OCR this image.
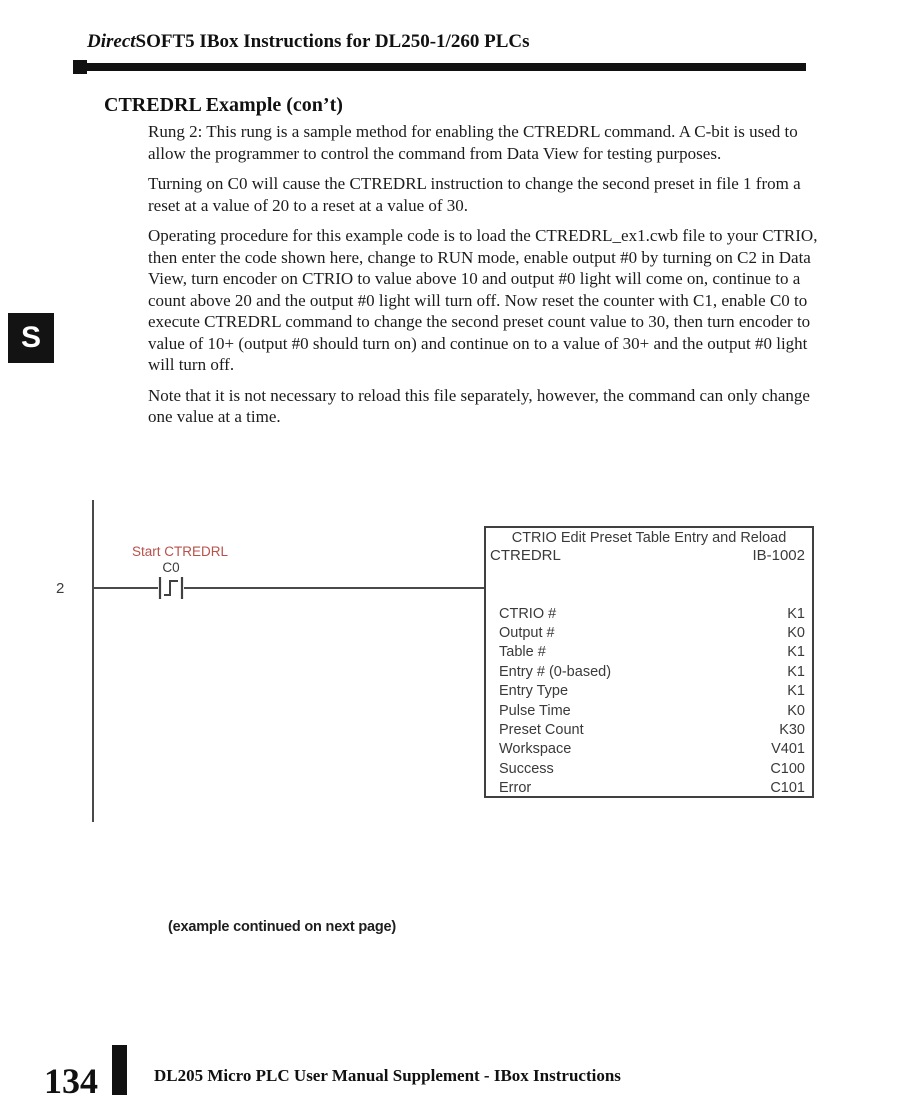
DirectSOFT5 IBox Instructions for DL250-1/260 PLCs
S
CTREDRL Example (con’t)

Rung 2: This rung is a sample method for enabling the CTREDRL command. A C-bit is used to allow the programmer to control the command from Data View for testing purposes.

Turning on C0 will cause the CTREDRL instruction to change the second preset in file 1 from a reset at a value of 20 to a reset at a value of 30.

Operating procedure for this example code is to load the CTREDRL_ex1.cwb file to your CTRIO, then enter the code shown here, change to RUN mode, enable output #0 by turning on C2 in Data View, turn encoder on CTRIO to value above 10 and output #0 light will come on, continue to a count above 20 and the output #0 light will turn off. Now reset the counter with C1, enable C0 to execute CTREDRL command to change the second preset count value to 30, then turn encoder to value of 10+ (output #0 should turn on) and continue on to a value of 30+ and the output #0 light will turn off.

Note that it is not necessary to reload this file separately, however, the command can only change one value at a time.

2
Start CTREDRL
C0
CTRIO Edit Preset Table Entry and Reload
CTREDRL	IB-1002
CTRIO #	K1
Output #	K0
Table #	K1
Entry # (0-based)	K1
Entry Type	K1
Pulse Time	K0
Preset Count	K30
Workspace	V401
Success	C100
Error	C101
(example continued on next page)
134	DL205 Micro PLC User Manual Supplement - IBox Instructions
